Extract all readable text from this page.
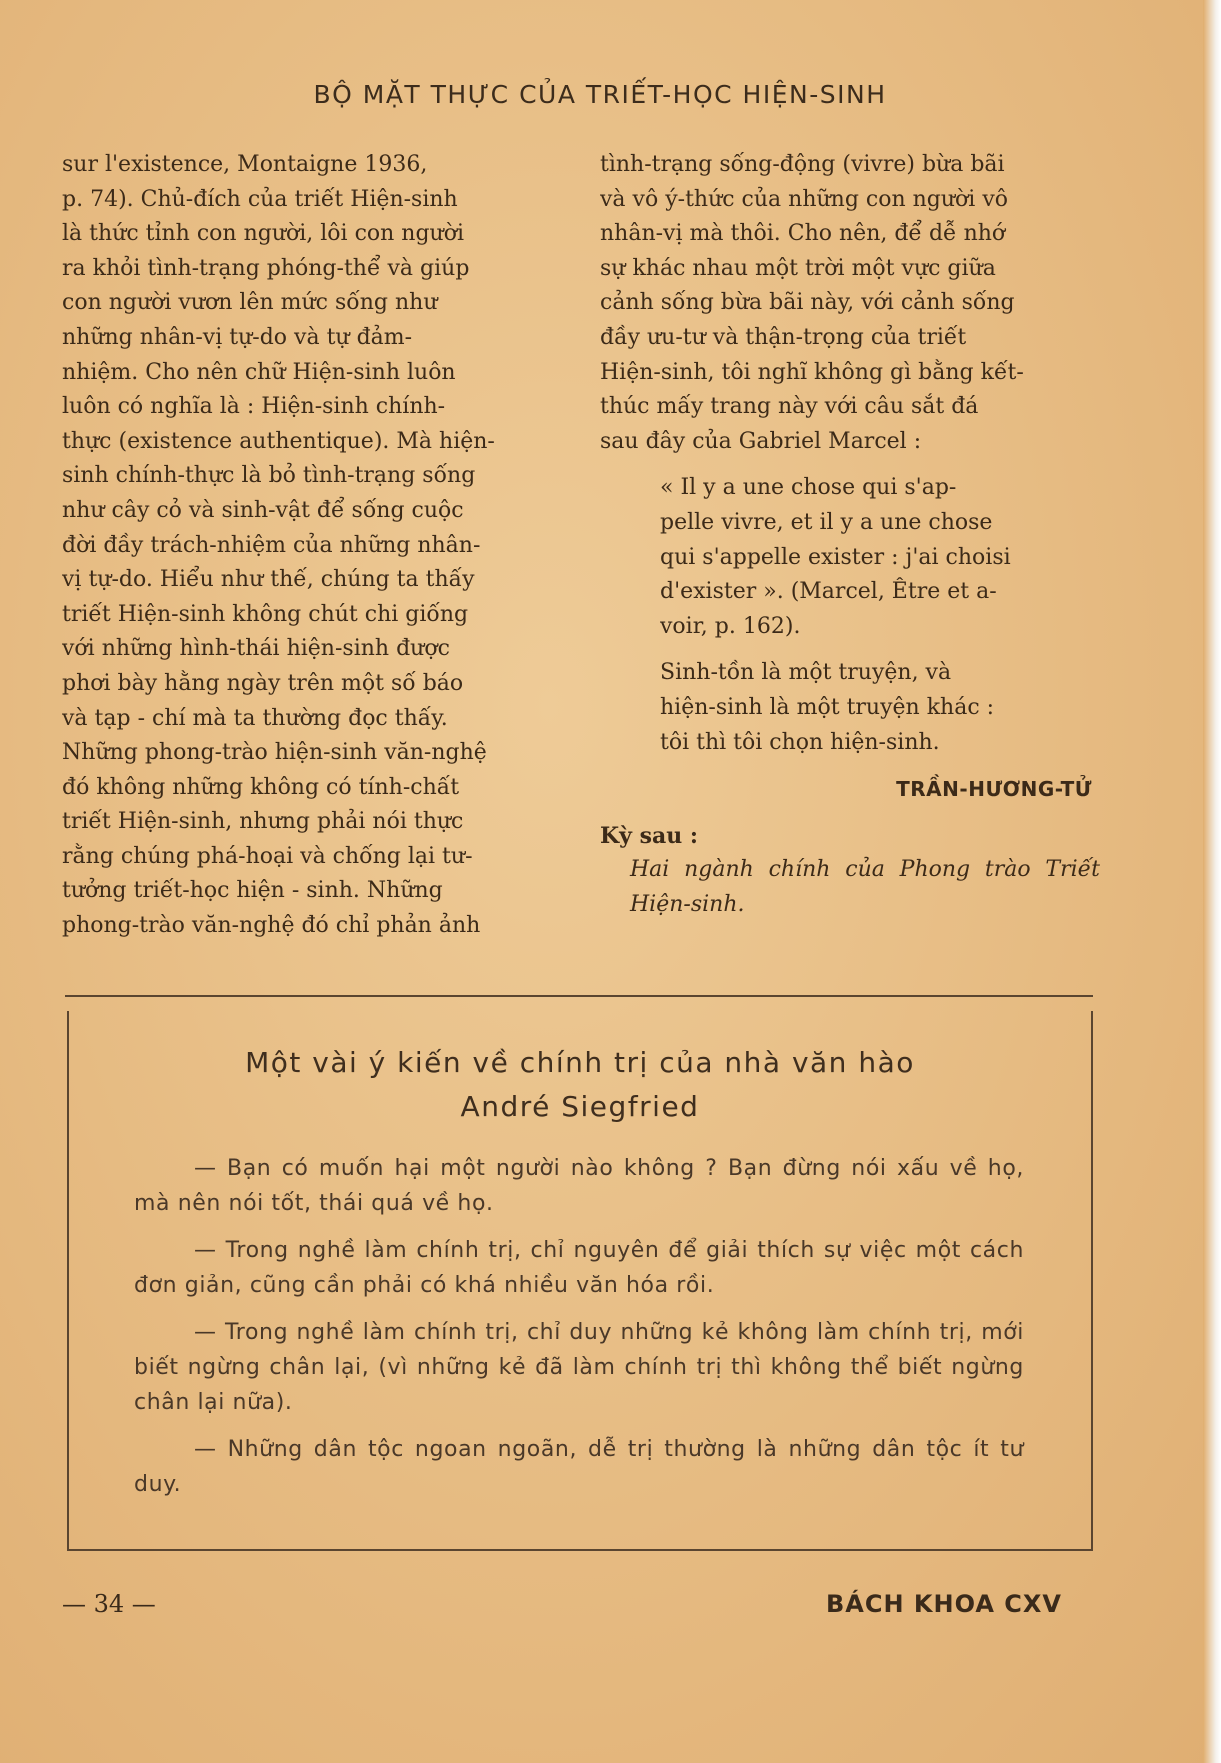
BỘ MẶT THỰC CỦA TRIẾT-HỌC HIỆN-SINH
sur l'existence, Montaigne 1936,
p. 74). Chủ-đích của triết Hiện-sinh
là thức tỉnh con người, lôi con người
ra khỏi tình-trạng phóng-thể và giúp
con người vươn lên mức sống như
những nhân-vị tự-do và tự đảm-
nhiệm. Cho nên chữ Hiện-sinh luôn
luôn có nghĩa là : Hiện-sinh chính-
thực (existence authentique). Mà hiện-
sinh chính-thực là bỏ tình-trạng sống
như cây cỏ và sinh-vật để sống cuộc
đời đầy trách-nhiệm của những nhân-
vị tự-do. Hiểu như thế, chúng ta thấy
triết Hiện-sinh không chút chi giống
với những hình-thái hiện-sinh được
phơi bày hằng ngày trên một số báo
và tạp - chí mà ta thường đọc thấy.
Những phong-trào hiện-sinh văn-nghệ
đó không những không có tính-chất
triết Hiện-sinh, nhưng phải nói thực
rằng chúng phá-hoại và chống lại tư-
tưởng triết-học hiện - sinh. Những
phong-trào văn-nghệ đó chỉ phản ảnh
tình-trạng sống-động (vivre) bừa bãi
và vô ý-thức của những con người vô
nhân-vị mà thôi. Cho nên, để dễ nhớ
sự khác nhau một trời một vực giữa
cảnh sống bừa bãi này, với cảnh sống
đầy ưu-tư và thận-trọng của triết
Hiện-sinh, tôi nghĩ không gì bằng kết-
thúc mấy trang này với câu sắt đá
sau đây của Gabriel Marcel :
« Il y a une chose qui s'ap-
pelle vivre, et il y a une chose
qui s'appelle exister : j'ai choisi
d'exister ». (Marcel, Être et a-
voir, p. 162).
Sinh-tồn là một truyện, và
hiện-sinh là một truyện khác :
tôi thì tôi chọn hiện-sinh.
TRẦN-HƯƠNG-TỬ
Kỳ sau :
Hai ngành chính của Phong trào Triết Hiện-sinh.
Một vài ý kiến về chính trị của nhà văn hào
André Siegfried

— Bạn có muốn hại một người nào không ? Bạn đừng nói xấu về họ, mà nên nói tốt, thái quá về họ.

— Trong nghề làm chính trị, chỉ nguyên để giải thích sự việc một cách đơn giản, cũng cần phải có khá nhiều văn hóa rồi.

— Trong nghề làm chính trị, chỉ duy những kẻ không làm chính trị, mới biết ngừng chân lại, (vì những kẻ đã làm chính trị thì không thể biết ngừng chân lại nữa).

— Những dân tộc ngoan ngoãn, dễ trị thường là những dân tộc ít tư duy.

— 34 —	BÁCH KHOA CXV
